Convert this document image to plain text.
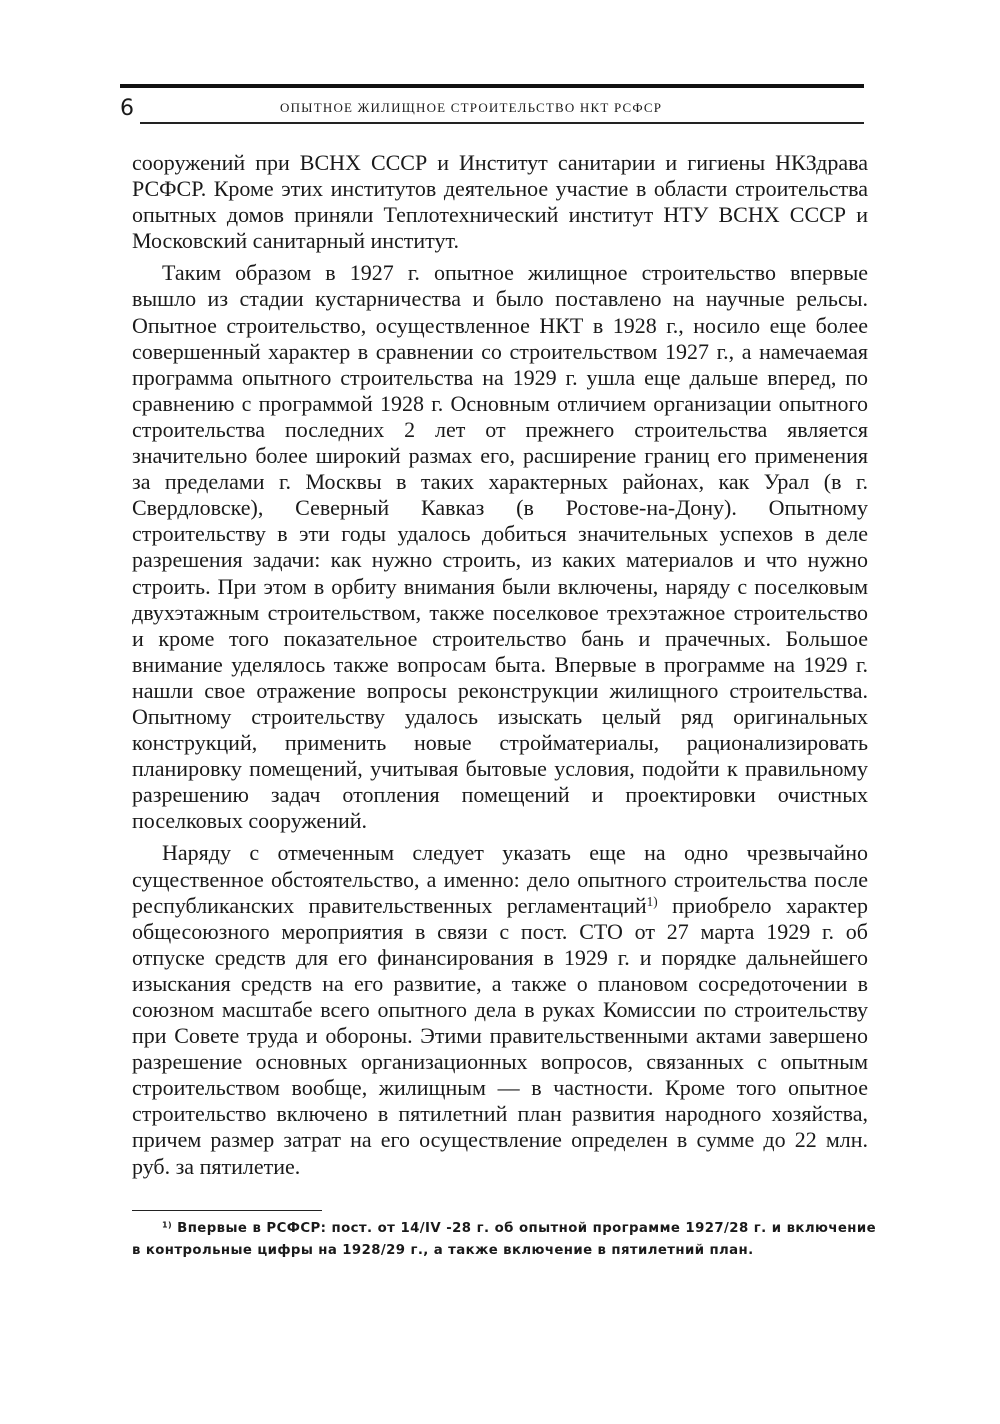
6	ОПЫТНОЕ ЖИЛИЩНОЕ СТРОИТЕЛЬСТВО НКТ РСФСР

сооружений при ВСНХ СССР и Институт санитарии и гигиены НКЗдрава РСФСР. Кроме этих институтов деятельное участие в области строительства опытных домов приняли Теплотехнический институт НТУ ВСНХ СССР и Московский санитарный институт.

Таким образом в 1927 г. опытное жилищное строительство впервые вышло из стадии кустарничества и было поставлено на научные рельсы. Опытное строительство, осуществленное НКТ в 1928 г., носило еще более совершенный характер в сравнении со строительством 1927 г., а намечаемая программа опытного строительства на 1929 г. ушла еще дальше вперед, по сравнению с программой 1928 г. Основным отличием организации опытного строительства последних 2 лет от прежнего строительства является значительно более широкий размах его, расширение границ его применения за пределами г. Москвы в таких характерных районах, как Урал (в г. Свердловске), Северный Кавказ (в Ростове-на-Дону). Опытному строительству в эти годы удалось добиться значительных успехов в деле разрешения задачи: как нужно строить, из каких материалов и что нужно строить. При этом в орбиту внимания были включены, наряду с поселковым двухэтажным строительством, также поселковое трехэтажное строительство и кроме того показательное строительство бань и прачечных. Большое внимание уделялось также вопросам быта. Впервые в программе на 1929 г. нашли свое отражение вопросы реконструкции жилищного строительства. Опытному строительству удалось изыскать целый ряд оригинальных конструкций, применить новые стройматериалы, рационализировать планировку помещений, учитывая бытовые условия, подойти к правильному разрешению задач отопления помещений и проектировки очистных поселковых сооружений.

Наряду с отмеченным следует указать еще на одно чрезвычайно существенное обстоятельство, а именно: дело опытного строительства после республиканских правительственных регламентаций$^{1)}$ приобрело характер общесоюзного мероприятия в связи с пост. СТО от 27 марта 1929 г. об отпуске средств для его финансирования в 1929 г. и порядке дальнейшего изыскания средств на его развитие, а также о плановом сосредоточении в союзном масштабе всего опытного дела в руках Комиссии по строительству при Совете труда и обороны. Этими правительственными актами завершено разрешение основных организационных вопросов, связанных с опытным строительством вообще, жилищным — в частности. Кроме того опытное строительство включено в пятилетний план развития народного хозяйства, причем размер затрат на его осуществление определен в сумме до 22 млн. руб. за пятилетие.

$^{1)}$ Впервые в РСФСР: пост. от 14/IV -28 г. об опытной программе 1927/28 г. и включение в контрольные цифры на 1928/29 г., а также включение в пятилетний план.
